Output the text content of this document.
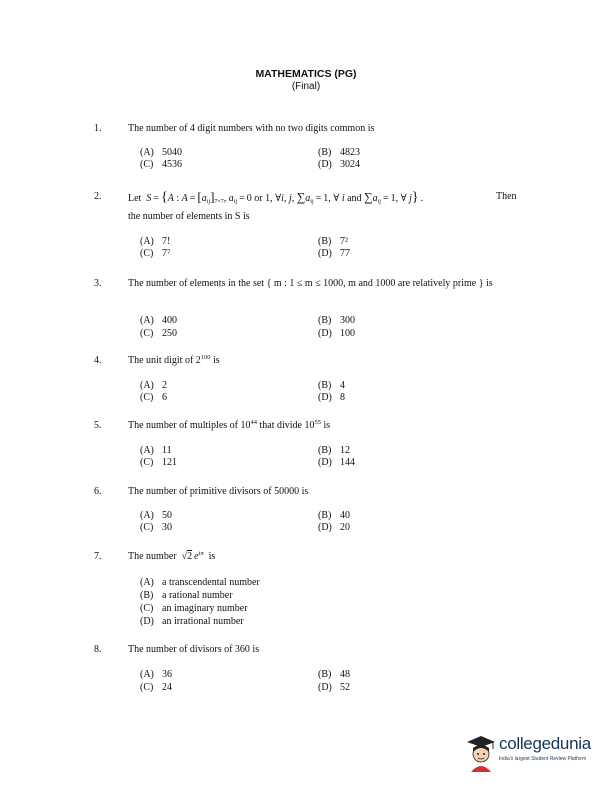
MATHEMATICS (PG)
(Final)
1.	The number of 4 digit numbers with no two digits common is
(A) 5040	(B) 4823
(C) 4536	(D) 3024
2.	Let S = {A : $A = [a_{ij}]_{7\times 7}$, $a_{ij} = 0$ or 1, ∀i, j, $\sum a_{ij} = 1$, ∀ i and $\sum a_{ij} = 1$, ∀ j} .	Then
the number of elements in S is
(A) 7!	(B) 7²
(C) 7⁷	(D) 77
3.	The number of elements in the set { m : 1 ≤ m ≤ 1000, m and 1000 are relatively prime } is
(A) 400	(B) 300
(C) 250	(D) 100
4.	The unit digit of $2^{100}$ is
(A) 2	(B) 4
(C) 6	(D) 8
5.	The number of multiples of $10^{44}$ that divide $10^{55}$ is
(A) 11	(B) 12
(C) 121	(D) 144
6.	The number of primitive divisors of 50000 is
(A) 50	(B) 40
(C) 30	(D) 20
7.	The number  √2  $e^{i\pi}$ is
(A) a transcendental number
(B) a rational number
(C) an imaginary number
(D) an irrational number
8.	The number of divisors of 360 is
(A) 36	(B) 48
(C) 24	(D) 52
collegedunia
India's largest Student Review Platform
